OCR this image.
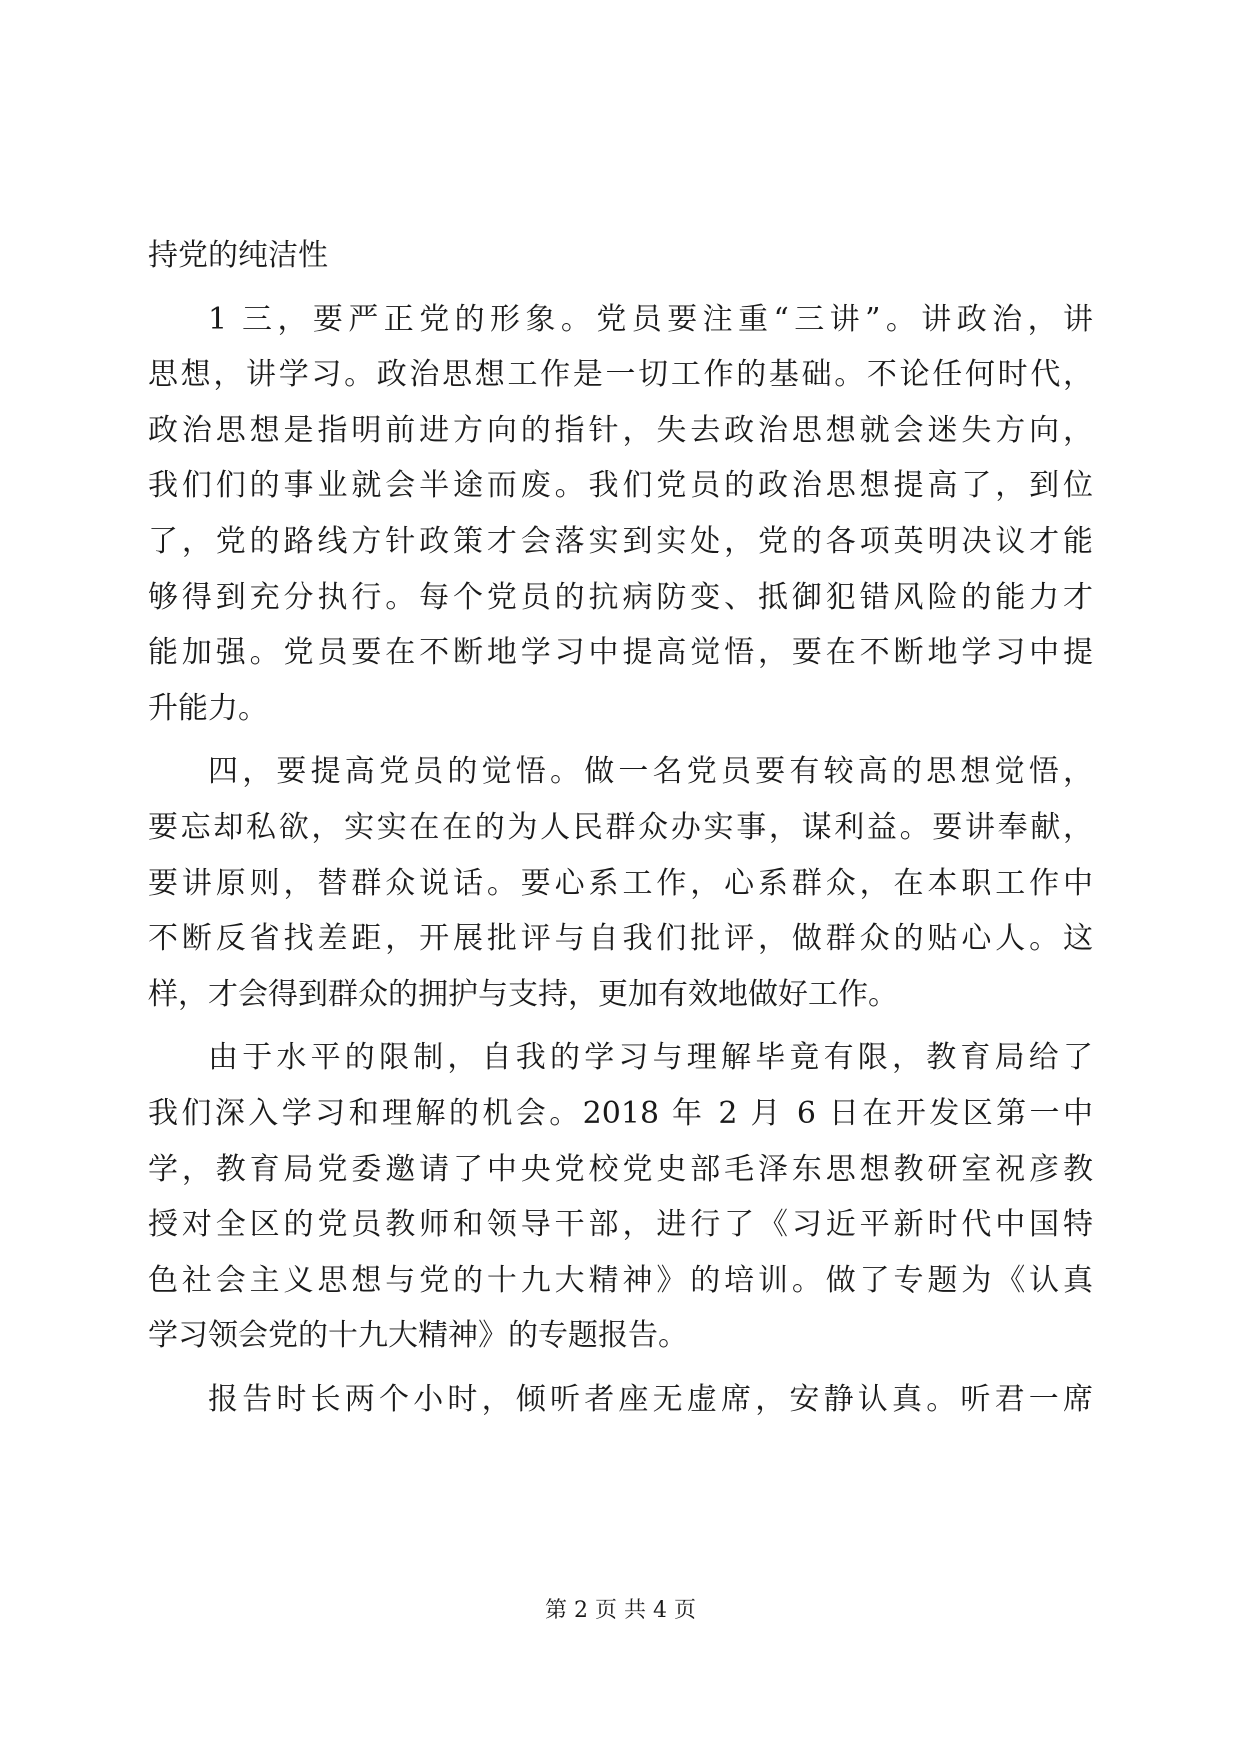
持党的纯洁性
1 三，要严正党的形象。党员要注重“三讲”。讲政治，讲
思想，讲学习。政治思想工作是一切工作的基础。不论任何时代，
政治思想是指明前进方向的指针，失去政治思想就会迷失方向，
我们们的事业就会半途而废。我们党员的政治思想提高了，到位
了，党的路线方针政策才会落实到实处，党的各项英明决议才能
够得到充分执行。每个党员的抗病防变、抵御犯错风险的能力才
能加强。党员要在不断地学习中提高觉悟，要在不断地学习中提
升能力。
四，要提高党员的觉悟。做一名党员要有较高的思想觉悟，
要忘却私欲，实实在在的为人民群众办实事，谋利益。要讲奉献，
要讲原则，替群众说话。要心系工作，心系群众，在本职工作中
不断反省找差距，开展批评与自我们批评，做群众的贴心人。这
样，才会得到群众的拥护与支持，更加有效地做好工作。
由于水平的限制，自我的学习与理解毕竟有限，教育局给了
我们深入学习和理解的机会。2018 年 2 月 6 日在开发区第一中
学，教育局党委邀请了中央党校党史部毛泽东思想教研室祝彦教
授对全区的党员教师和领导干部，进行了《习近平新时代中国特
色社会主义思想与党的十九大精神》的培训。做了专题为《认真
学习领会党的十九大精神》的专题报告。
报告时长两个小时，倾听者座无虚席，安静认真。听君一席
第 2 页 共 4 页
